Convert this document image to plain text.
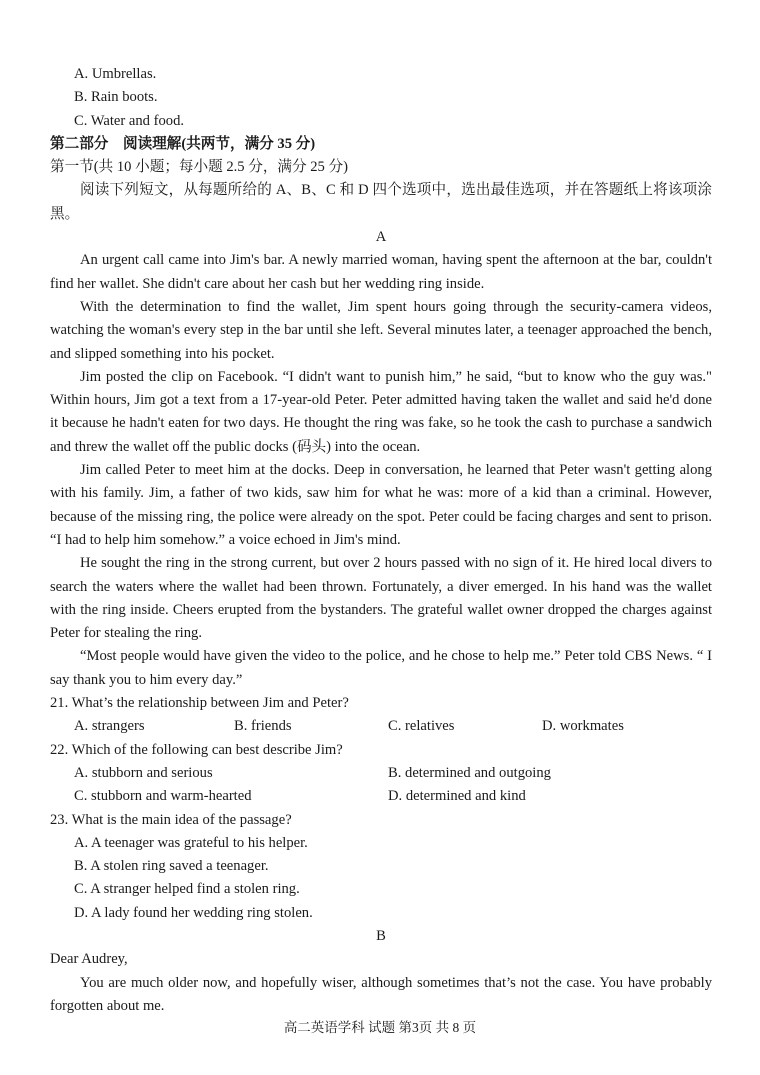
A. Umbrellas.
B. Rain boots.
C. Water and food.
第二部分　阅读理解(共两节，满分 35 分)
第一节(共 10 小题；每小题 2.5 分，满分 25 分)

阅读下列短文，从每题所给的 A、B、C 和 D 四个选项中，选出最佳选项，并在答题纸上将该项涂黑。

A

An urgent call came into Jim's bar. A newly married woman, having spent the afternoon at the bar, couldn't find her wallet. She didn't care about her cash but her wedding ring inside.

With the determination to find the wallet, Jim spent hours going through the security-camera videos, watching the woman's every step in the bar until she left. Several minutes later, a teenager approached the bench, and slipped something into his pocket.

Jim posted the clip on Facebook. “I didn't want to punish him,” he said, “but to know who the guy was." Within hours, Jim got a text from a 17-year-old Peter. Peter admitted having taken the wallet and said he'd done it because he hadn't eaten for two days. He thought the ring was fake, so he took the cash to purchase a sandwich and threw the wallet off the public docks (码头) into the ocean.

Jim called Peter to meet him at the docks. Deep in conversation, he learned that Peter wasn't getting along with his family. Jim, a father of two kids, saw him for what he was: more of a kid than a criminal. However, because of the missing ring, the police were already on the spot. Peter could be facing charges and sent to prison. “I had to help him somehow.” a voice echoed in Jim's mind.

He sought the ring in the strong current, but over 2 hours passed with no sign of it. He hired local divers to search the waters where the wallet had been thrown. Fortunately, a diver emerged. In his hand was the wallet with the ring inside. Cheers erupted from the bystanders. The grateful wallet owner dropped the charges against Peter for stealing the ring.

“Most people would have given the video to the police, and he chose to help me.” Peter told CBS News. “ I say thank you to him every day.”

21. What’s the relationship between Jim and Peter?
A. strangers	B. friends	C. relatives	D. workmates
22. Which of the following can best describe Jim?
A. stubborn and serious	B. determined and outgoing
C. stubborn and warm-hearted	D. determined and kind
23. What is the main idea of the passage?
A. A teenager was grateful to his helper.
B. A stolen ring saved a teenager.
C. A stranger helped find a stolen ring.
D. A lady found her wedding ring stolen.
B
Dear Audrey,

You are much older now, and hopefully wiser, although sometimes that’s not the case. You have probably forgotten about me.

高二英语学科 试题 第3页 共 8 页
